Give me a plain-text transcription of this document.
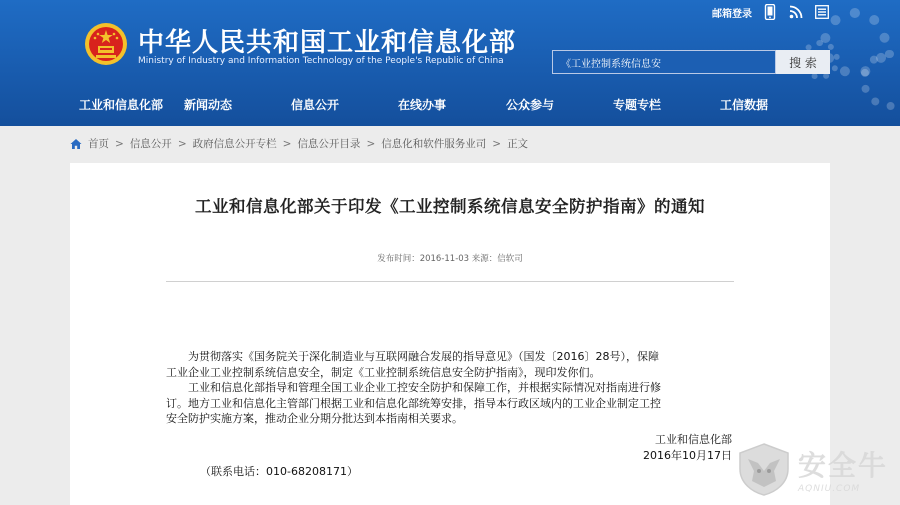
中华人民共和国工业和信息化部
Ministry of Industry and Information Technology of the People's Republic of China
邮箱登录
《工业控制系统信息安
搜 索
工业和信息化部	新闻动态	信息公开	在线办事	公众参与	专题专栏	工信数据
首页 > 信息公开 > 政府信息公开专栏 > 信息公开目录 > 信息化和软件服务业司 > 正文
工业和信息化部关于印发《工业控制系统信息安全防护指南》的通知
发布时间：2016-11-03 来源：信软司

为贯彻落实《国务院关于深化制造业与互联网融合发展的指导意见》（国发〔2016〕28号），保障

工业企业工业控制系统信息安全，制定《工业控制系统信息安全防护指南》，现印发你们。

工业和信息化部指导和管理全国工业企业工控安全防护和保障工作，并根据实际情况对指南进行修

订。地方工业和信息化主管部门根据工业和信息化部统筹安排，指导本行政区域内的工业企业制定工控

安全防护实施方案，推动企业分期分批达到本指南相关要求。

工业和信息化部
2016年10月17日
（联系电话：010-68208171）	安全牛
AQNIU.COM
